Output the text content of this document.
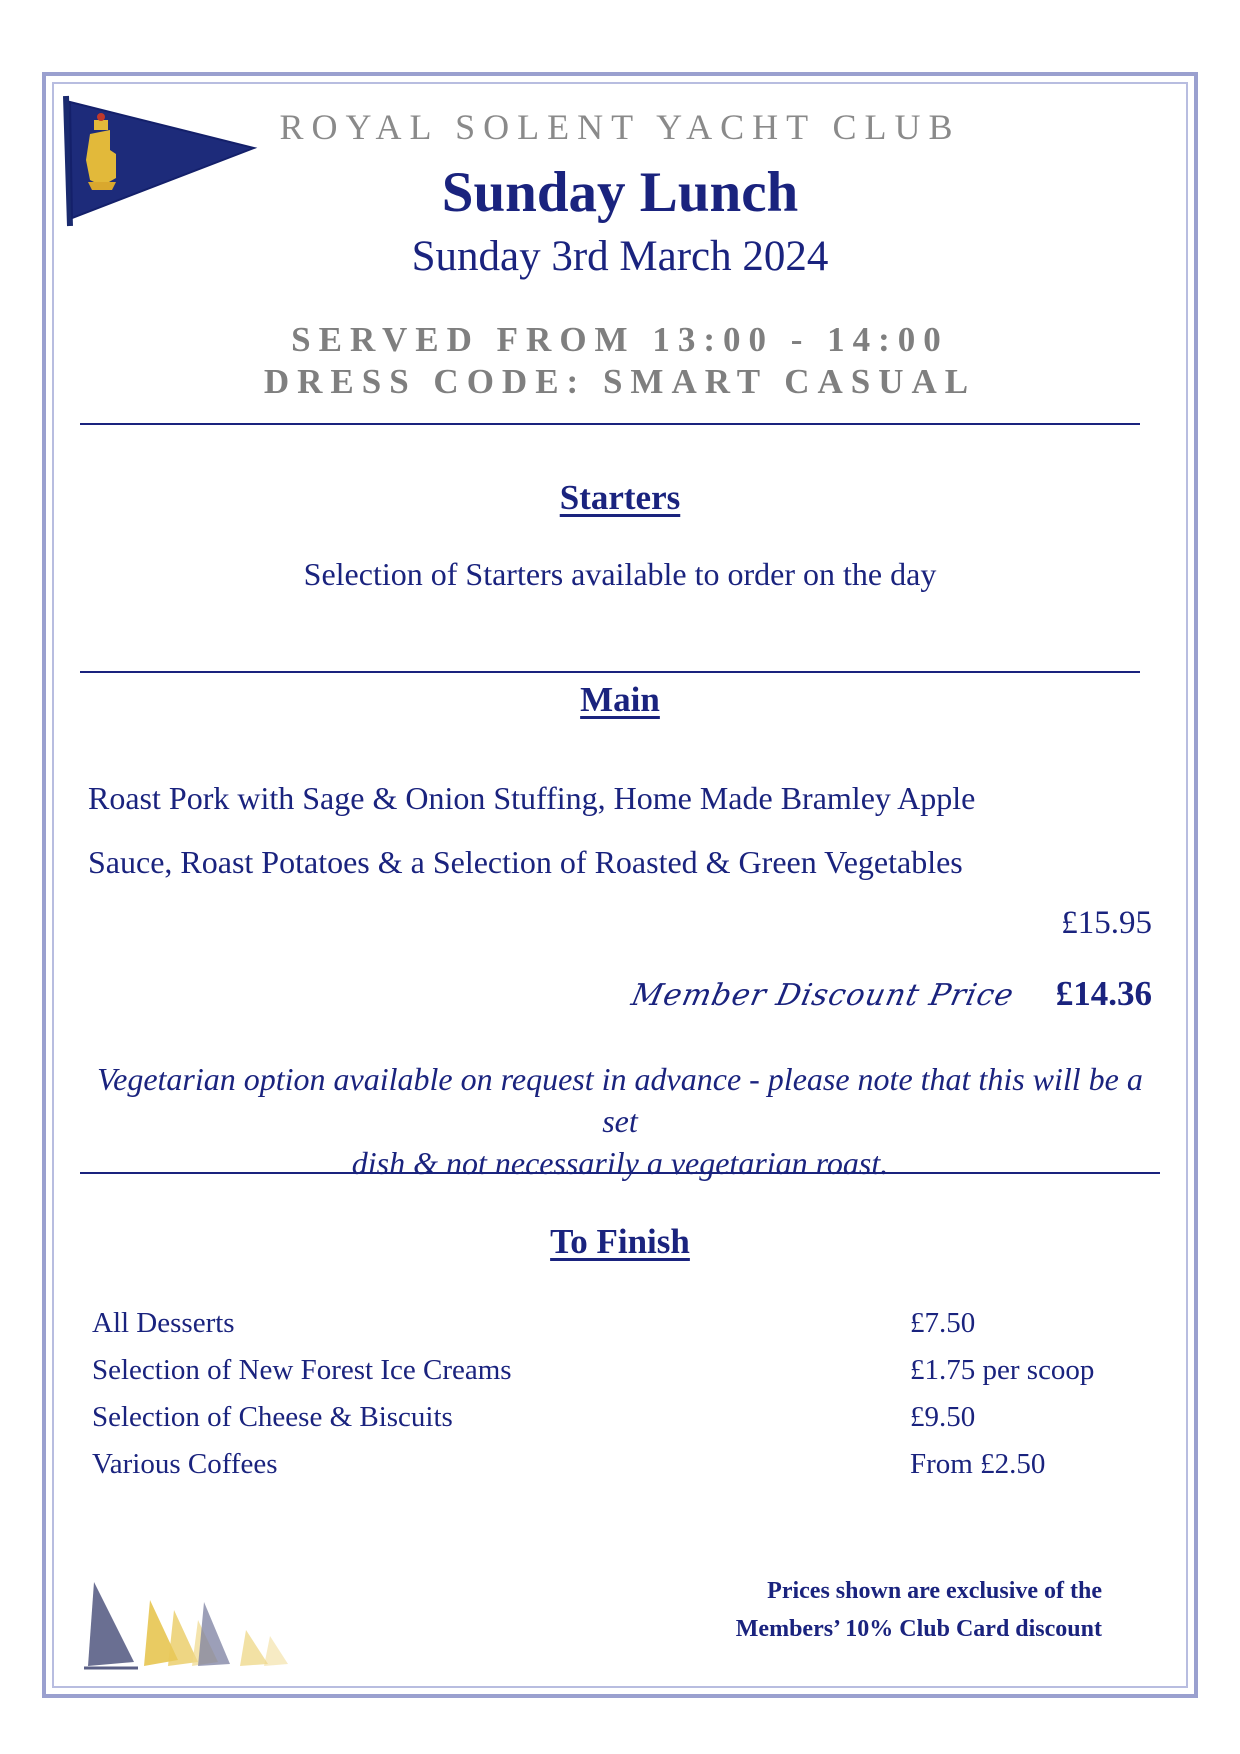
ROYAL SOLENT YACHT CLUB
Sunday Lunch
Sunday 3rd March 2024
SERVED FROM 13:00 - 14:00
DRESS CODE: SMART CASUAL
Starters
Selection of Starters available to order on the day
Main
Roast Pork with Sage & Onion Stuffing, Home Made Bramley Apple
Sauce, Roast Potatoes & a Selection of Roasted & Green Vegetables
£15.95
Member Discount Price £14.36
Vegetarian option available on request in advance - please note that this will be a set
dish & not necessarily a vegetarian roast.
To Finish
All Desserts	£7.50
Selection of New Forest Ice Creams	£1.75 per scoop
Selection of Cheese & Biscuits	£9.50
Various Coffees	From £2.50
Prices shown are exclusive of the
Members’ 10% Club Card discount
